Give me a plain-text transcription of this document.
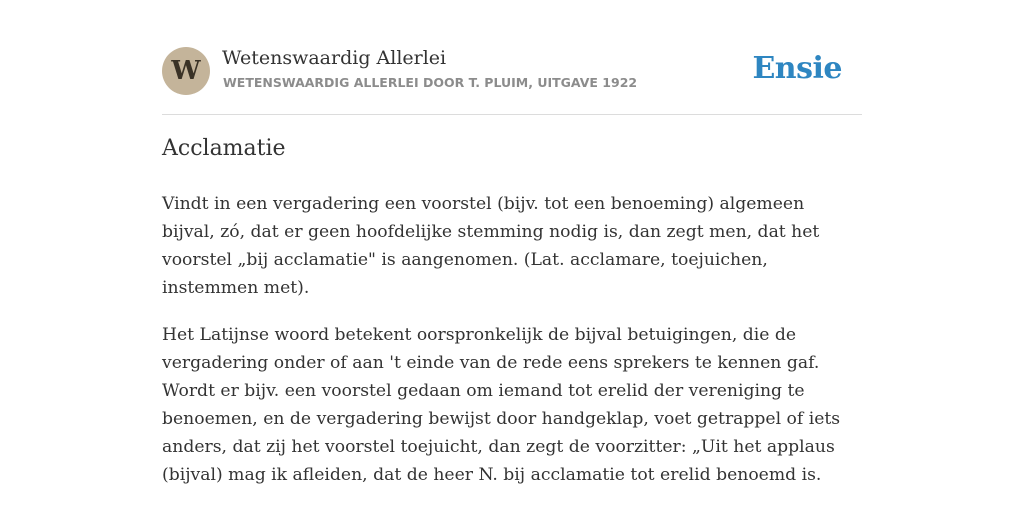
W	Wetenswaardig Allerlei
WETENSWAARDIG ALLERLEI DOOR T. PLUIM, UITGAVE 1922	Ensie
Acclamatie

Vindt in een vergadering een voorstel (bijv. tot een benoeming) algemeen bijval, zó, dat er geen hoofdelijke stemming nodig is, dan zegt men, dat het voorstel „bij acclamatie" is aangenomen. (Lat. acclamare, toejuichen, instemmen met).

Het Latijnse woord betekent oorspronkelijk de bijval betuigingen, die de vergadering onder of aan 't einde van de rede eens sprekers te kennen gaf. Wordt er bijv. een voorstel gedaan om iemand tot erelid der vereniging te benoemen, en de vergadering bewijst door handgeklap, voet getrappel of iets anders, dat zij het voorstel toejuicht, dan zegt de voorzitter: „Uit het applaus (bijval) mag ik afleiden, dat de heer N. bij acclamatie tot erelid benoemd is.
